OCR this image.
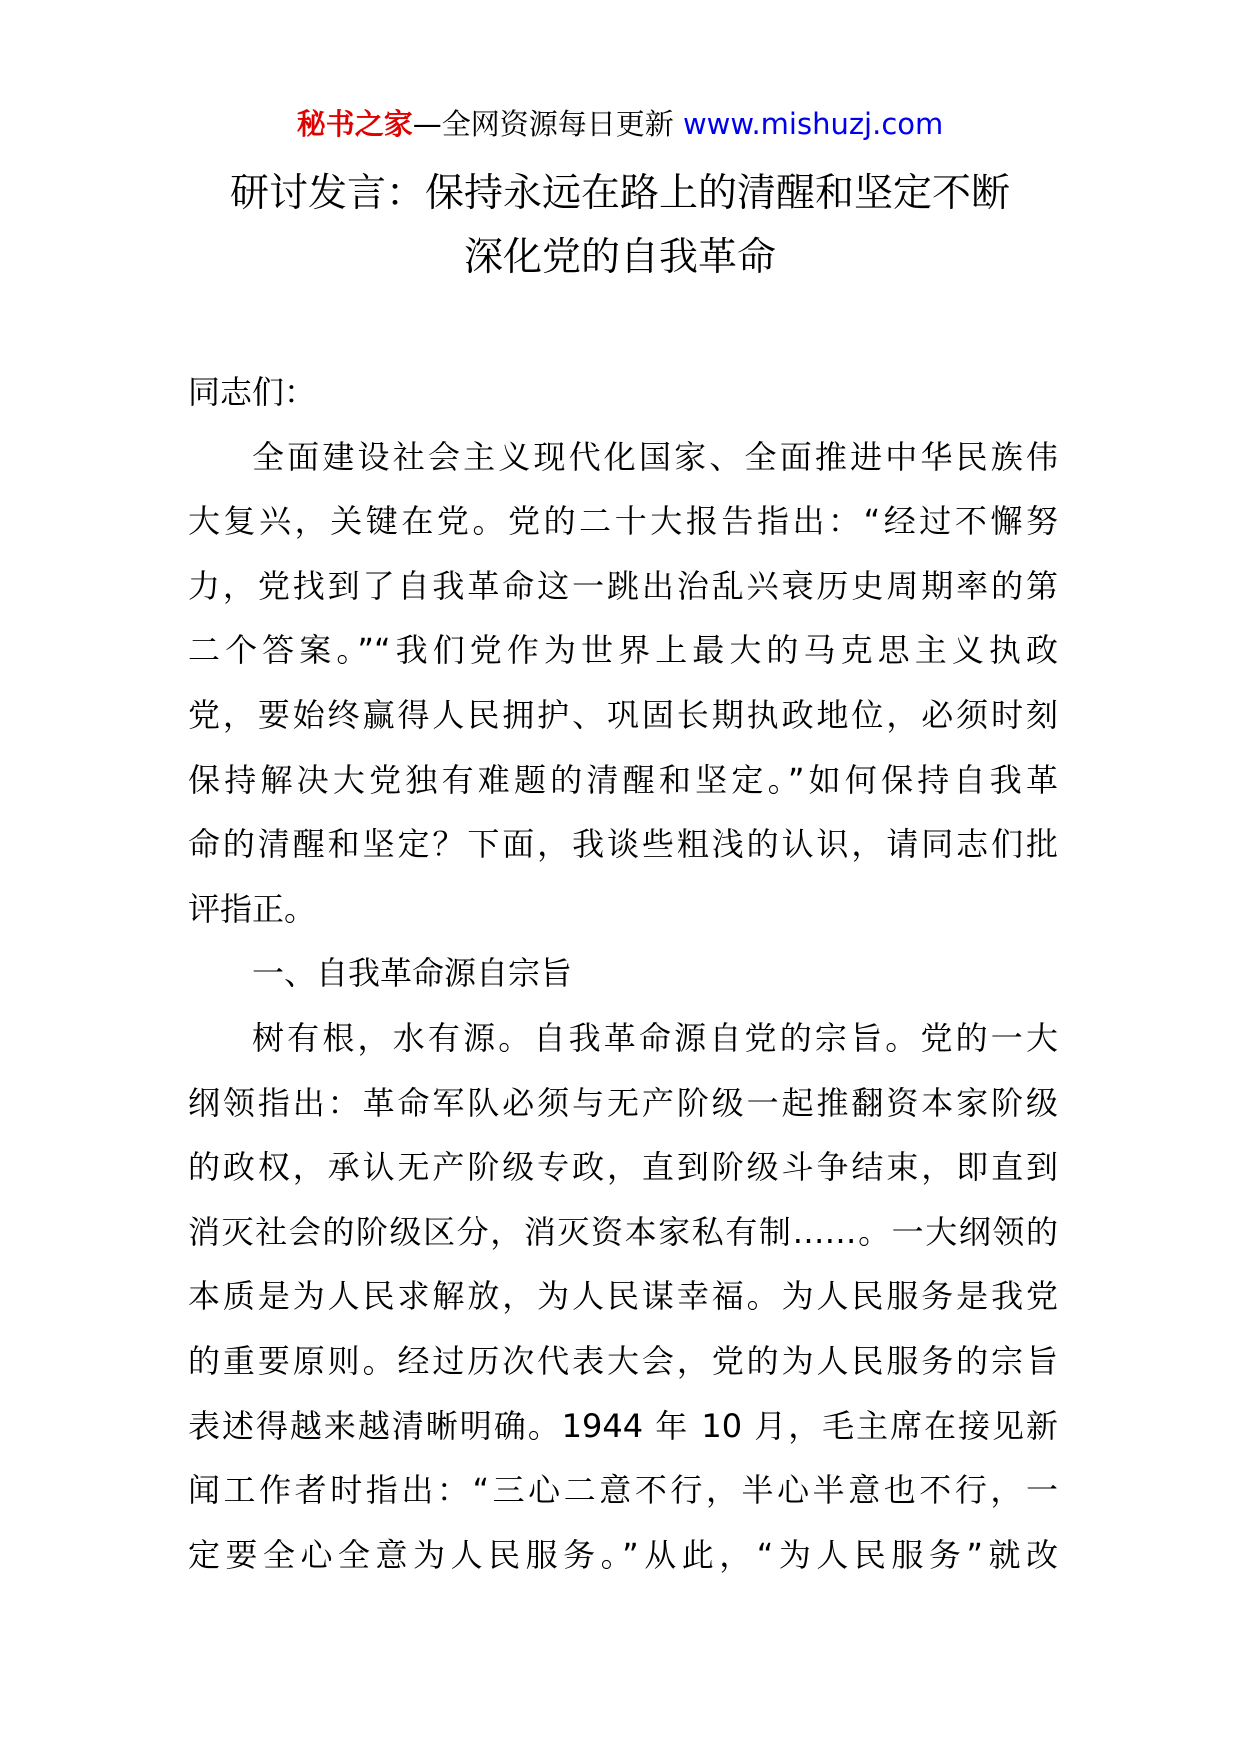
秘书之家—全网资源每日更新 www.mishuzj.com
研讨发言：保持永远在路上的清醒和坚定不断
深化党的自我革命
同志们：
全面建设社会主义现代化国家、全面推进中华民族伟
大复兴，关键在党。党的二十大报告指出：“经过不懈努
力，党找到了自我革命这一跳出治乱兴衰历史周期率的第
二个答案。”“我们党作为世界上最大的马克思主义执政
党，要始终赢得人民拥护、巩固长期执政地位，必须时刻
保持解决大党独有难题的清醒和坚定。”如何保持自我革
命的清醒和坚定？下面，我谈些粗浅的认识，请同志们批
评指正。
一、自我革命源自宗旨
树有根，水有源。自我革命源自党的宗旨。党的一大
纲领指出：革命军队必须与无产阶级一起推翻资本家阶级
的政权，承认无产阶级专政，直到阶级斗争结束，即直到
消灭社会的阶级区分，消灭资本家私有制……。一大纲领的
本质是为人民求解放，为人民谋幸福。为人民服务是我党
的重要原则。经过历次代表大会，党的为人民服务的宗旨
表述得越来越清晰明确。1944 年 10 月，毛主席在接见新
闻工作者时指出：“三心二意不行，半心半意也不行，一
定要全心全意为人民服务。”从此，“为人民服务”就改
